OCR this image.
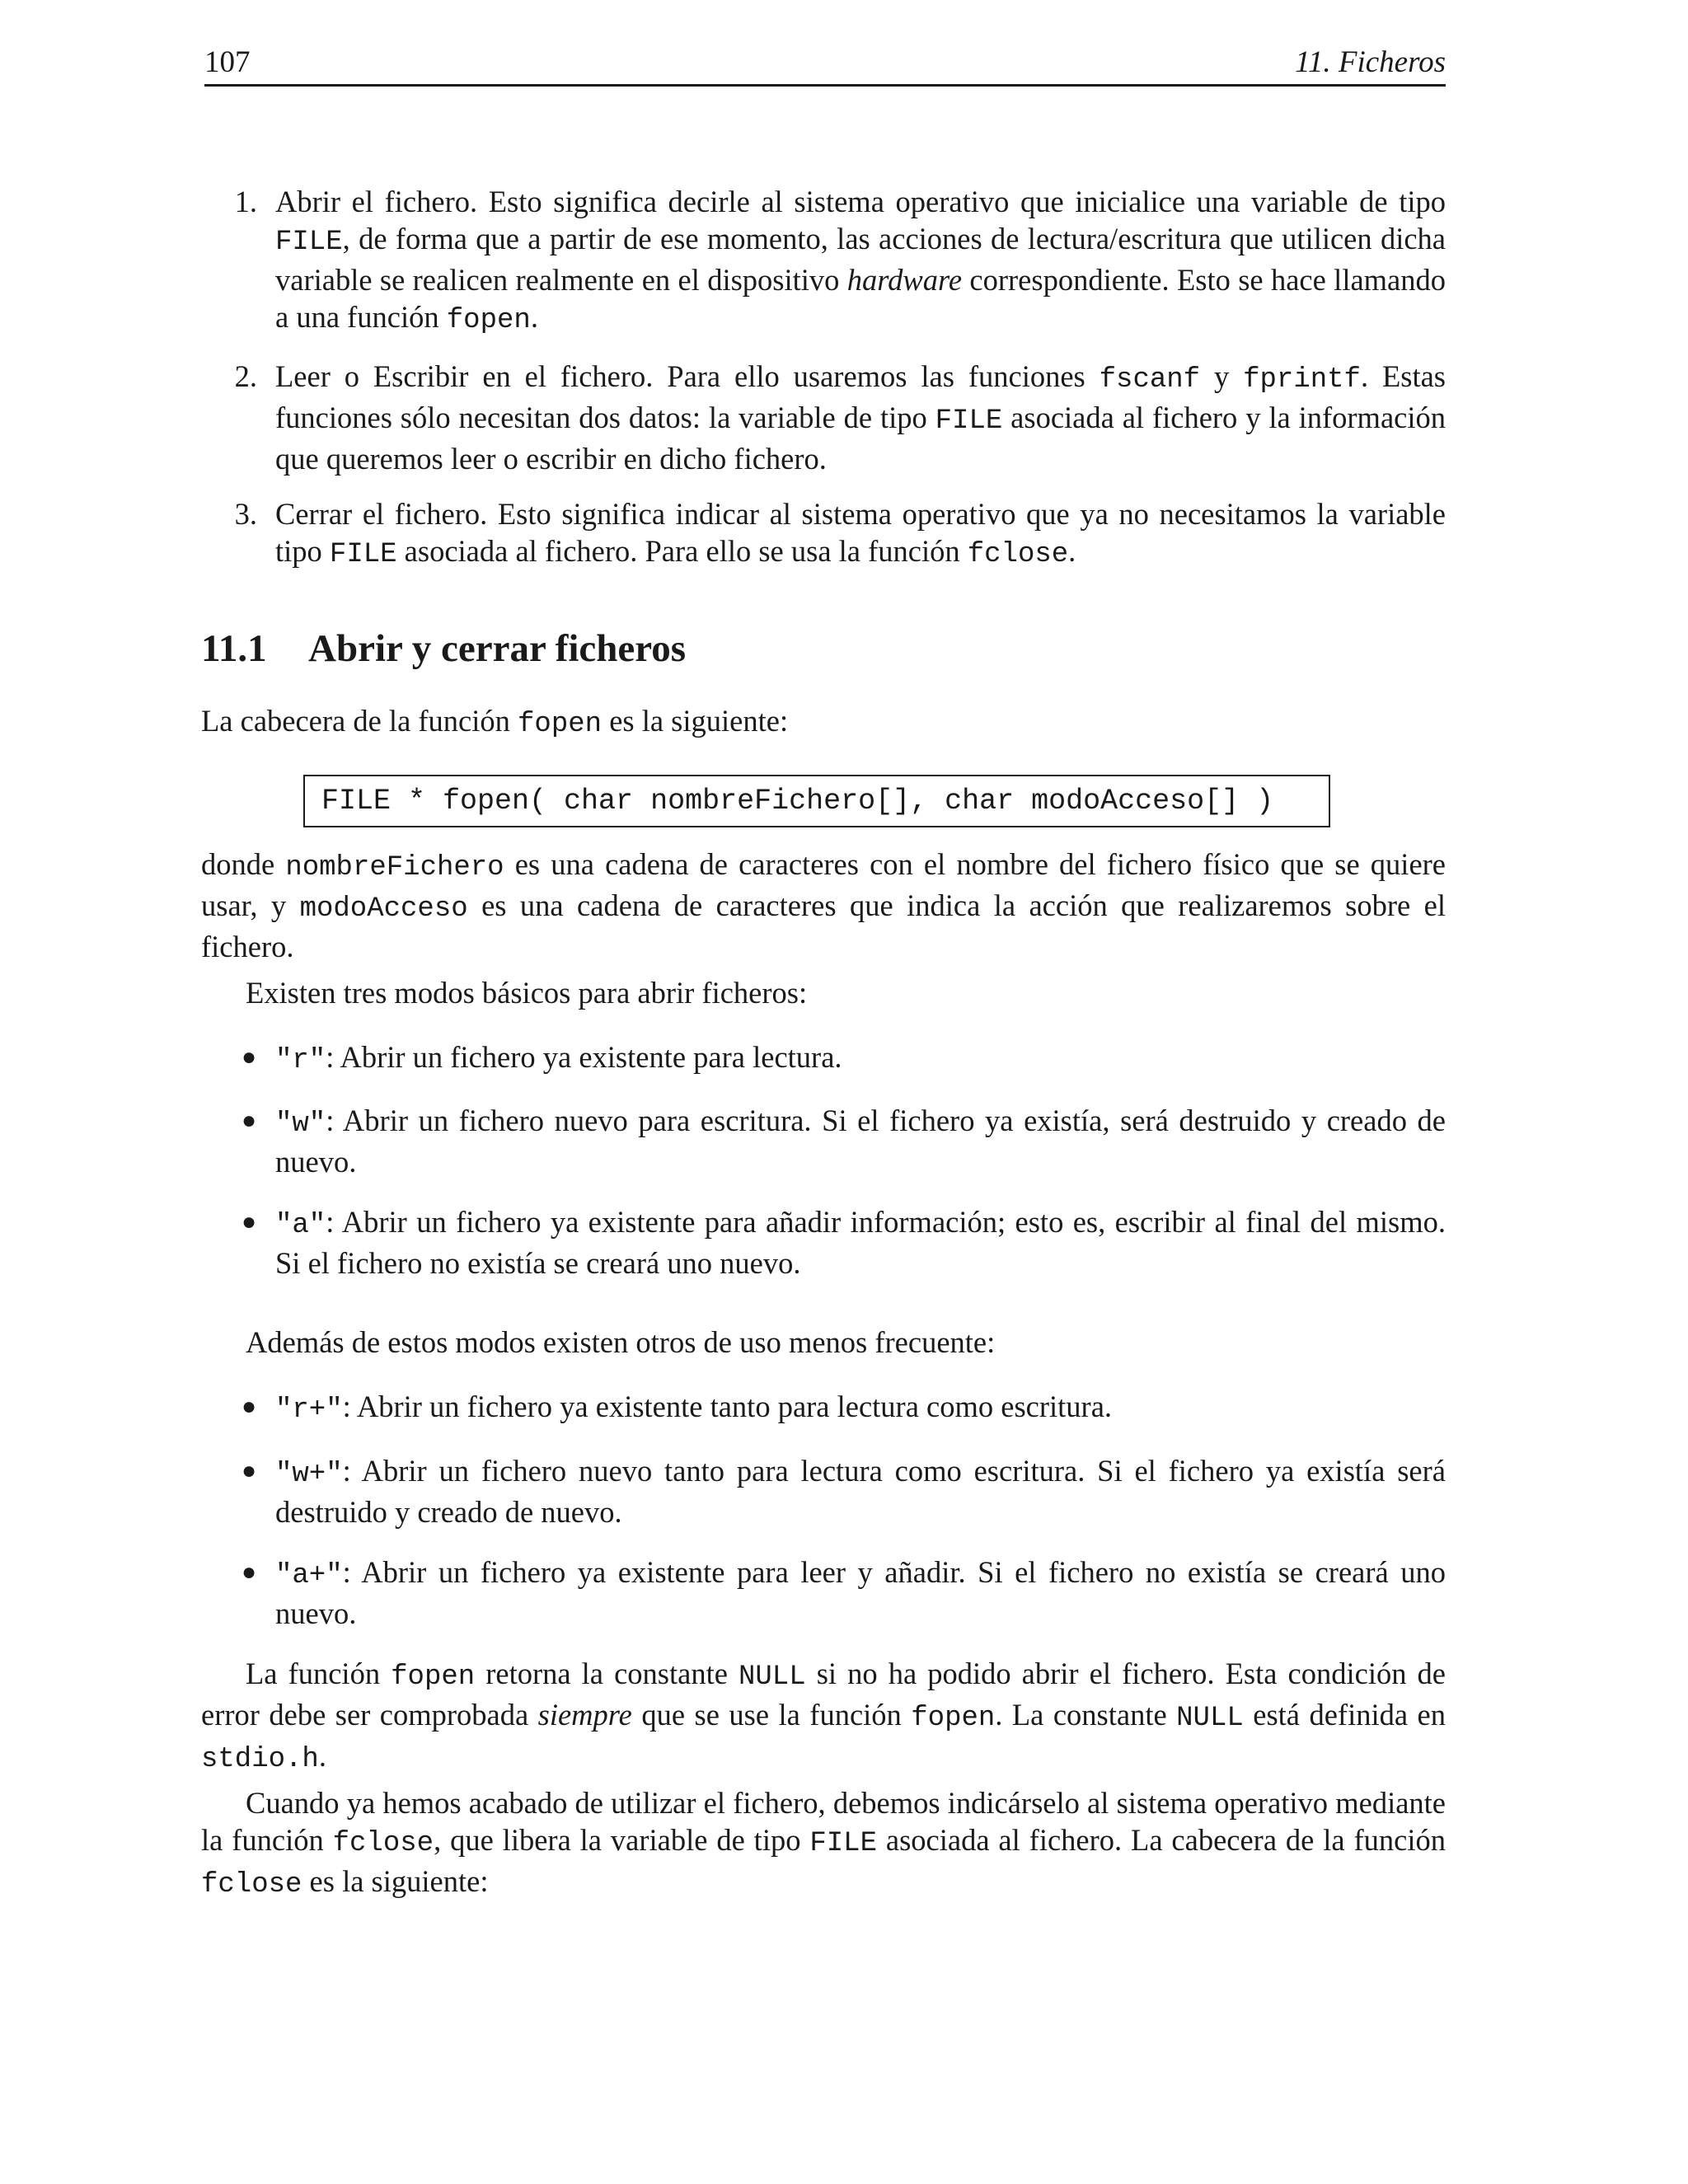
107	11. Ficheros
1. Abrir el fichero. Esto significa decirle al sistema operativo que inicialice una variable de tipo FILE, de forma que a partir de ese momento, las acciones de lectura/escritura que utilicen dicha variable se realicen realmente en el dispositivo hardware correspondiente. Esto se hace llamando a una función fopen.
2. Leer o Escribir en el fichero. Para ello usaremos las funciones fscanf y fprintf. Estas funciones sólo necesitan dos datos: la variable de tipo FILE asociada al fichero y la información que queremos leer o escribir en dicho fichero.
3. Cerrar el fichero. Esto significa indicar al sistema operativo que ya no necesitamos la variable tipo FILE asociada al fichero. Para ello se usa la función fclose.
11.1 Abrir y cerrar ficheros
La cabecera de la función fopen es la siguiente:
FILE * fopen( char nombreFichero[], char modoAcceso[] )
donde nombreFichero es una cadena de caracteres con el nombre del fichero físico que se quiere usar, y modoAcceso es una cadena de caracteres que indica la acción que realizaremos sobre el fichero.
Existen tres modos básicos para abrir ficheros:
● "r": Abrir un fichero ya existente para lectura.
● "w": Abrir un fichero nuevo para escritura. Si el fichero ya existía, será destruido y creado de nuevo.
● "a": Abrir un fichero ya existente para añadir información; esto es, escribir al final del mismo. Si el fichero no existía se creará uno nuevo.
Además de estos modos existen otros de uso menos frecuente:
● "r+": Abrir un fichero ya existente tanto para lectura como escritura.
● "w+": Abrir un fichero nuevo tanto para lectura como escritura. Si el fichero ya existía será destruido y creado de nuevo.
● "a+": Abrir un fichero ya existente para leer y añadir. Si el fichero no existía se creará uno nuevo.
La función fopen retorna la constante NULL si no ha podido abrir el fichero. Esta condición de error debe ser comprobada siempre que se use la función fopen. La constante NULL está definida en stdio.h.
Cuando ya hemos acabado de utilizar el fichero, debemos indicárselo al sistema operativo mediante la función fclose, que libera la variable de tipo FILE asociada al fichero. La cabecera de la función fclose es la siguiente:
